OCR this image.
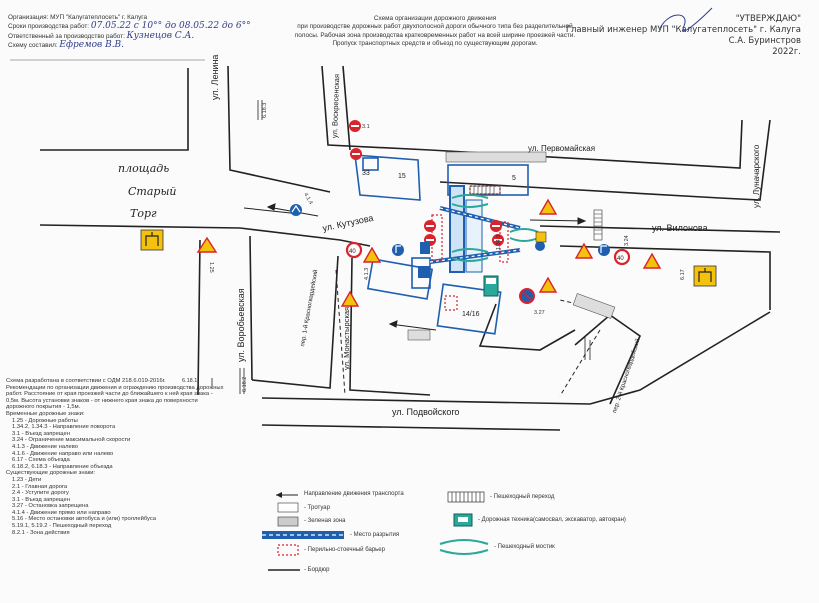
Организация: МУП "Калугатеплосеть" г. Калуга
Сроки производства работ: 07.05.22 с 10°° до 08.05.22 до 6°°
Ответственный за производство работ: Кузнецов С.А.
Схему составил: Ефремов В.В.
Схема организации дорожного движения
при производстве дорожных работ двухполосной дороги обычного типа без разделительной полосы. Рабочая зона производства кратковременных работ на всей ширине проезжей части.
Пропуск транспортных средств и объезд по существующим дорогам.
"УТВЕРЖДАЮ"
Главный инженер МУП "Калугатеплосеть" г. Калуга
С.А. Буринстров
2022г.
33	15	5
14/16
40
40
3.1
4.1.4
1.25
6.18.3
6.18.2
6.17
3.24
3.27
1.34.3
4.1.3
6.18.1
ул. Ленина	ул. Воскресенская
ул. Первомайская	ул. Луначарского
ул. Кутузова	ул. Вилонова
ул. Воробьевская	пер. 1-й Красногвардейский	ул. Монастырская	пер. 2-й Красногвардейский
ул. Подвойского
площадь
Старый
Торг
Схема разработана в соответствии с ОДМ 218.6.019-2016г.
Рекомендации по организации движения и ограждению производства дорожных работ. Расстояние от края проезжей части до ближайшего к ней края знака - 0,5м. Высота установки знаков - от нижнего края знака до поверхности дорожного покрытия - 1,5м.
Временные дорожные знаки:
1.25 - Дорожные работы
1.34.2, 1.34.3 - Направление поворота
3.1 - Въезд запрещен
3.24 - Ограничение максимальной скорости
4.1.3 - Движение налево
4.1.6 - Движение направо или налево
6.17 - Схема объезда
6.18.2, 6.18.3 - Направление объезда
Существующие дорожные знаки:
1.23 - Дети
2.1 - Главная дорога
2.4 - Уступите дорогу
3.1 - Въезд запрещен
3.27 - Остановка запрещена
4.1.4 - Движение прямо или направо
5.16 - Место остановки автобуса и (или) троллейбуса
5.19.1, 5.19.2 - Пешеходный переход
8.2.1 - Зона действия
Направление движения транспорта
- Тротуар
- Зеленая зона
- Место разрытия
- Перильно-стоечный барьер
- Бордюр
- Пешеходный переход
- Дорожная техника(самосвал, экскаватор, автокран)
- Пешеходный мостик
